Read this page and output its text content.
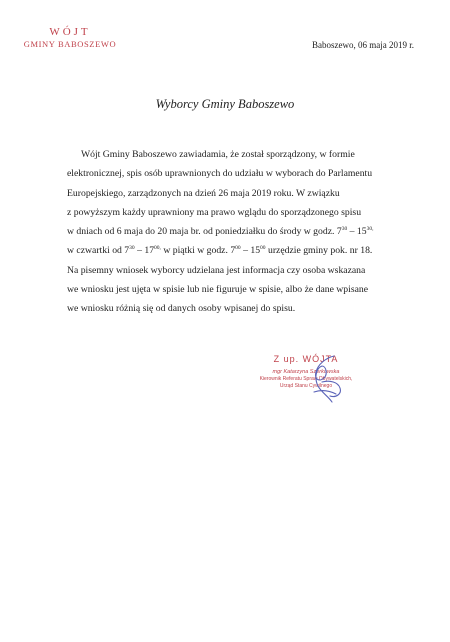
WÓJT
GMINY BABOSZEWO	Baboszewo, 06 maja 2019 r.
Wyborcy Gminy Baboszewo
Wójt Gminy Baboszewo zawiadamia, że został sporządzony, w formie
elektronicznej, spis osób uprawnionych do udziału w wyborach do Parlamentu
Europejskiego, zarządzonych na dzień 26 maja 2019 roku. W związku
z powyższym każdy uprawniony ma prawo wglądu do sporządzonego spisu
w dniach od 6 maja do 20 maja br. od poniedziałku do środy w godz. $7^{30} - 15^{30,}$
w czwartki od $7^{30} - 17^{00,}$ w piątki w godz. $7^{00} - 15^{00}$ urzędzie gminy pok. nr 18.
Na pisemny wniosek wyborcy udzielana jest informacja czy osoba wskazana
we wniosku jest ujęta w spisie lub nie figuruje w spisie, albo że dane wpisane
we wniosku różnią się od danych osoby wpisanej do spisu.
Z up. WÓJTA
mgr Katarzyna Szerkowska
Kierownik Referatu Spraw Obywatelskich,
Urząd Stanu Cywilnego
